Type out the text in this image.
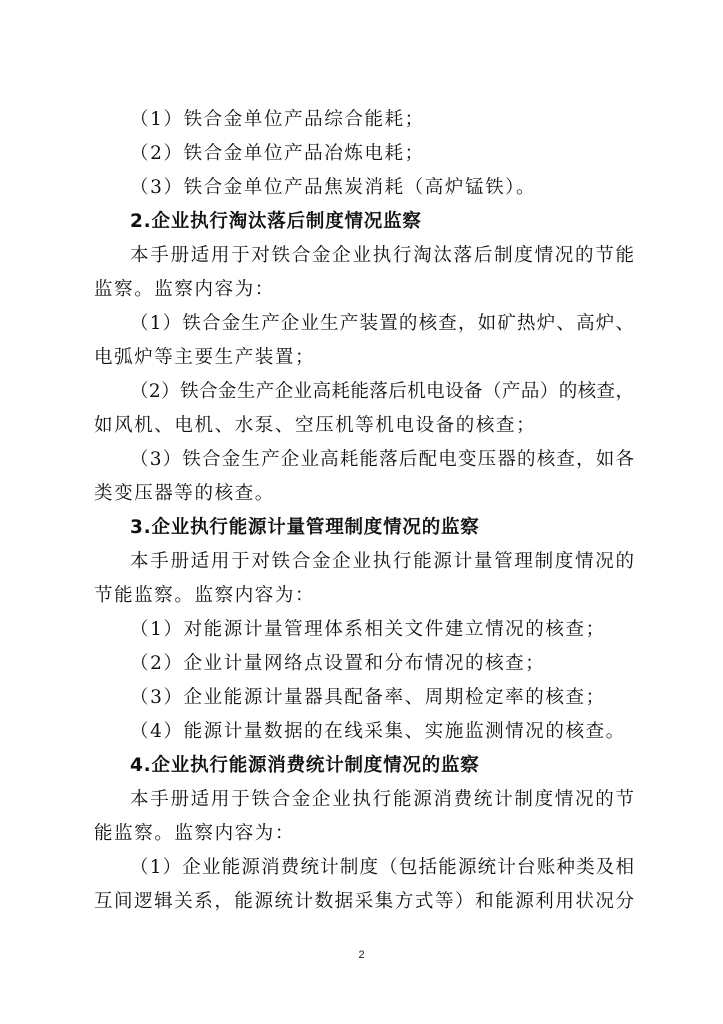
（1）铁合金单位产品综合能耗；
（2）铁合金单位产品冶炼电耗；
（3）铁合金单位产品焦炭消耗（高炉锰铁）。
2.企业执行淘汰落后制度情况监察
本手册适用于对铁合金企业执行淘汰落后制度情况的节能
监察。监察内容为：
（1）铁合金生产企业生产装置的核查，如矿热炉、高炉、
电弧炉等主要生产装置；
（2）铁合金生产企业高耗能落后机电设备（产品）的核查，
如风机、电机、水泵、空压机等机电设备的核查；
（3）铁合金生产企业高耗能落后配电变压器的核查，如各
类变压器等的核查。
3.企业执行能源计量管理制度情况的监察
本手册适用于对铁合金企业执行能源计量管理制度情况的
节能监察。监察内容为：
（1）对能源计量管理体系相关文件建立情况的核查；
（2）企业计量网络点设置和分布情况的核查；
（3）企业能源计量器具配备率、周期检定率的核查；
（4）能源计量数据的在线采集、实施监测情况的核查。
4.企业执行能源消费统计制度情况的监察
本手册适用于铁合金企业执行能源消费统计制度情况的节
能监察。监察内容为：
（1）企业能源消费统计制度（包括能源统计台账种类及相
互间逻辑关系，能源统计数据采集方式等）和能源利用状况分
2
